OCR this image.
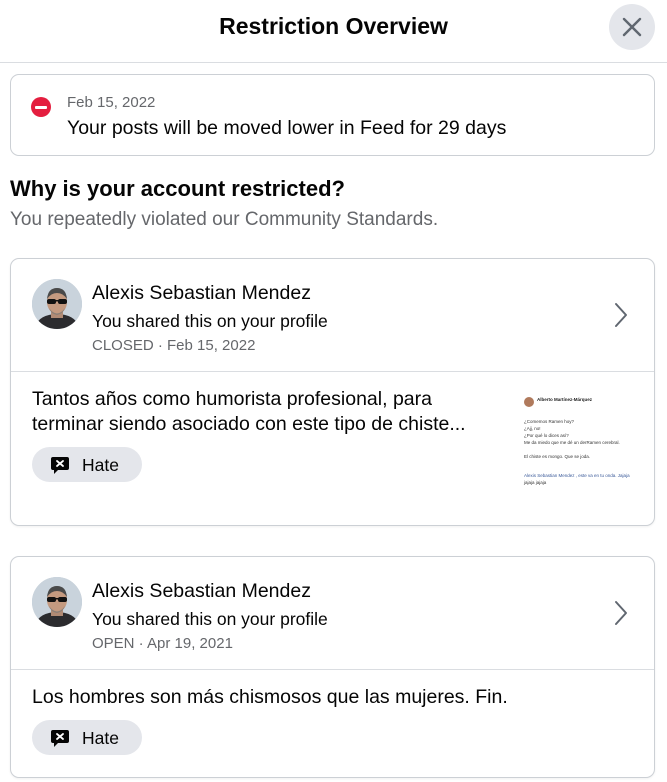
Restriction Overview
Feb 15, 2022
Your posts will be moved lower in Feed for 29 days
Why is your account restricted?
You repeatedly violated our Community Standards.
Alexis Sebastian Mendez
You shared this on your profile
CLOSED · Feb 15, 2022
Tantos años como humorista profesional, para
terminar siendo asociado con este tipo de chiste...
Hate
Alberto Martínez-Márquez
¿Comemos Ramen hoy?
¿Ajj, no!
¿Por qué lo dices así?
Me da miedo que me dé un derRamen cerebral.
El chiste es mongo. Que se joda.
Alexis Sebastian Mendez , este va en tu onda. Jajaja
jajaja jajaja
Alexis Sebastian Mendez
You shared this on your profile
OPEN · Apr 19, 2021
Los hombres son más chismosos que las mujeres. Fin.
Hate
